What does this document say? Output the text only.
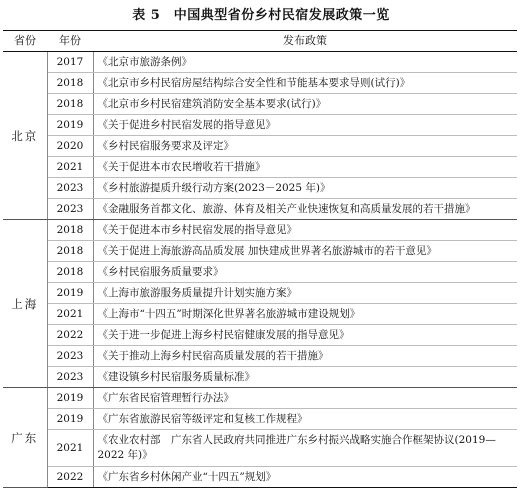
表 5　中国典型省份乡村民宿发展政策一览
省份	年份	发布政策
北京	2017	《北京市旅游条例》
	2018	《北京市乡村民宿房屋结构综合安全性和节能基本要求导则(试行)》
	2018	《北京市乡村民宿建筑消防安全基本要求(试行)》
	2019	《关于促进乡村民宿发展的指导意见》
	2020	《乡村民宿服务要求及评定》
	2021	《关于促进本市农民增收若干措施》
	2023	《乡村旅游提质升级行动方案(2023－2025 年)》
	2023	《金融服务首都文化、旅游、体育及相关产业快速恢复和高质量发展的若干措施》
上海	2018	《关于促进本市乡村民宿发展的指导意见》
	2018	《关于促进上海旅游高品质发展 加快建成世界著名旅游城市的若干意见》
	2018	《乡村民宿服务质量要求》
	2019	《上海市旅游服务质量提升计划实施方案》
	2021	《上海市“十四五”时期深化世界著名旅游城市建设规划》
	2022	《关于进一步促进上海乡村民宿健康发展的指导意见》
	2023	《关于推动上海乡村民宿高质量发展的若干措施》
	2023	《建设镇乡村民宿服务质量标准》
广东	2019	《广东省民宿管理暂行办法》
	2019	《广东省旅游民宿等级评定和复核工作规程》
	2021	《农业农村部　广东省人民政府共同推进广东乡村振兴战略实施合作框架协议(2019—2022 年)》
	2022	《广东省乡村休闲产业“十四五”规划》
